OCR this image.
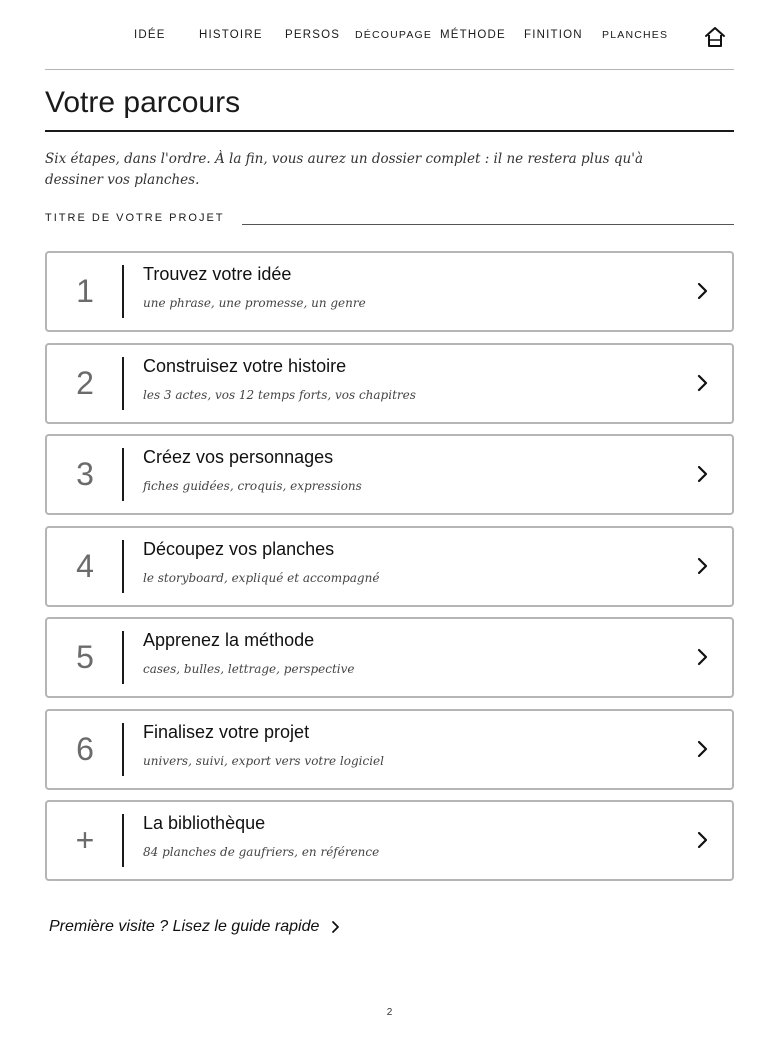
IDÉE	HISTOIRE PERSOS DÉCOUPAGE MÉTHODE FINITION PLANCHES
Votre parcours

Six étapes, dans l'ordre. À la fin, vous aurez un dossier complet : il ne restera plus qu'à dessiner vos planches.

TITRE DE VOTRE PROJET
1	Trouvez votre idée
une phrase, une promesse, un genre
2	Construisez votre histoire
les 3 actes, vos 12 temps forts, vos chapitres
3	Créez vos personnages
fiches guidées, croquis, expressions
4	Découpez vos planches
le storyboard, expliqué et accompagné
5	Apprenez la méthode
cases, bulles, lettrage, perspective
6	Finalisez votre projet
univers, suivi, export vers votre logiciel
+	La bibliothèque
84 planches de gaufriers, en référence
Première visite ? Lisez le guide rapide
2
